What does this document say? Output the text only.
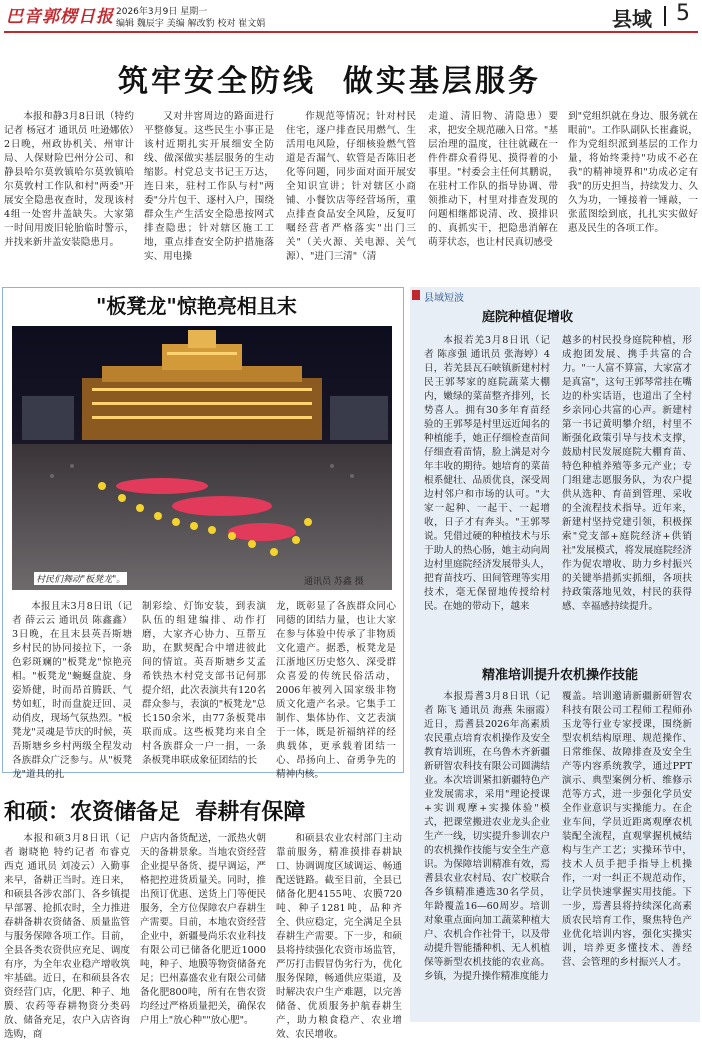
巴音郭楞日报 2026年3月9日 星期一
编辑 魏辰宇 美编 解改豹 校对 崔文娟	县域 5
筑牢安全防线  做实基层服务

本报和静3月8日讯（特约记者 杨冠才 通讯员 吐逊娜依）2日晚，州政协机关、州审计局、人保财险巴州分公司、和静县哈尔莫敦镇哈尔莫敦镇哈尔莫敦村工作队和村"两委"开展安全隐患夜查时，发现该村4组一处窖井盖缺失。大家第一时间用废旧轮胎临时警示，并找来新井盖安装隐患月。

又对井窖周边的路面进行平整修复。这些民生小事正是该村近期扎实开展细安全防线、做深做实基层服务的生动缩影。村党总支书记王万达，连日来，驻村工作队与村"两委"分片包干、逐村入户，围绕群众生产生活安全隐患按网式排查隐患；针对辖区施工工地，重点排查安全防护措施落实、用电操

作规范等情况；针对村民住宅，逐户排查民用燃气、生活用电风险，仔细核验燃气管道是否漏气、软管是否陈旧老化等问题，同步面对面开展安全知识宣讲；针对辖区小商铺、小餐饮店等经营场所，重点排查食品安全风险，反复叮嘱经营者严格落实"出门三关"（关火源、关电源、关气源）、"进门三清"（清

走道、清旧物、清隐患）要求，把安全规范融入日常。"基层治理的温度，往往就藏在一件件群众看得见、摸得着的小事里。"村委会主任何其鹏说，在驻村工作队的指导协调、带领推动下，村里对排查发现的问题相继都说清、改、摸排识的、真抓实干，把隐患消解在萌芽状态，也让村民真切感受

到"党组织就在身边、服务就在眼前"。工作队副队长崔鑫说，作为党组织派到基层的工作力量，将始终秉持"功成不必在我"的精神境界和"功成必定有我"的历史担当，持续发力、久久为功，一锤接着一锤敲，一张蓝图绘到底，扎扎实实做好惠及民生的各项工作。

"板凳龙"惊艳亮相且末
村民们舞动"板凳龙"。	通讯员 苏鑫 摄

本报且末3月8日讯（记者 薛云云 通讯员 陈鑫鑫）3日晚，在且末县英吾斯塘乡村民的协同接拉下，一条色彩斑斓的"板凳龙"惊艳亮相。"板凳龙"蜿蜒盘旋、身姿矫健，时而昂首腾跃、气势如虹，时而盘旋迂回、灵动俏皮，现场气氛热烈。"板凳龙"灵魂是节庆的时候，英吾斯塘乡乡村两级全程发动各族群众广泛参与。从"板凳龙"道具的扎

制彩绘、灯饰安装，到表演队伍的组建编排、动作打磨，大家齐心协力、互帮互助，在默契配合中增进彼此间的情谊。英吾斯塘乡艾孟希铁热木村党支部书记何那提介绍，此次表演共有120名群众参与，表演的"板凳龙"总长150余米，由77条板凳串联而成。这些板凳均来自全村各族群众一户一捐，一条条板凳串联成象征团结的长

龙，既彰显了各族群众同心同德的团结力量，也让大家在参与体验中传承了非物质文化遗产。据悉，板凳龙是江浙地区历史悠久、深受群众喜爱的传统民俗活动，2006年被列入国家级非物质文化遗产名录。它集手工制作、集体协作、文艺表演于一体，既是祈福纳祥的经典载体，更承载着团结一心、昂扬向上、奋勇争先的精神内核。

县域短波
庭院种植促增收

本报若羌3月8日讯（记者 陈彦强 通讯员 张海婷）4日，若羌县瓦石峡镇新建村村民王郭琴家的庭院蔬菜大棚内，嫩绿的菜苗整齐排列，长势喜人。拥有30多年育苗经验的王郭琴是村里远近闻名的种植能手，她正仔细检查苗间仔细查看苗情，脸上满是对今年丰收的期待。她培育的菜苗根系健壮、品质优良，深受周边村邻户和市场的认可。"大家一起种、一起干、一起增收，日子才有奔头。"王郭琴说。凭借过硬的种植技术与乐于助人的热心肠，她主动向周边村里庭院经济发展带头人，把育苗技巧、田间管理等实用技术，毫无保留地传授给村民。在她的带动下，越来

越多的村民投身庭院种植，形成抱团发展、携手共富的合力。"一人富不算富，大家富才是真富"，这句王郭琴常挂在嘴边的朴实话语，也道出了全村乡亲同心共富的心声。新建村第一书记黄明攀介绍，村里不断强化政策引导与技术支撑，鼓励村民发展庭院大棚育苗、特色种植养殖等多元产业；专门组建志愿服务队，为农户提供从选种、育苗到管理、采收的全流程技术指导。近年来，新建村坚持党建引领，积极探索"党支部+庭院经济+供销社"发展模式，将发展庭院经济作为促农增收、助力乡村振兴的关键举措抓实抓细，各项扶持政策落地见效，村民的获得感、幸福感持续提升。

精准培训提升农机操作技能

本报焉耆3月8日讯（记者 陈飞 通讯员 海燕 朱丽霞）近日，焉耆县2026年高素质农民重点培育农机操作及安全教育培训班，在乌鲁木齐新疆新研智农科技有限公司圆满结业。本次培训紧扣新疆特色产业发展需求，采用"理论授课+实训观摩+实操体验"模式，把课堂搬进农业龙头企业生产一线，切实提升参训农户的农机操作技能与安全生产意识。为保障培训精准有效，焉耆县农业农村局、农广校联合各乡镇精准遴选30名学员，年龄覆盖16—60周岁。培训对象重点面向加工蔬菜种植大户、农机合作社骨干，以及带动提升智能播种机、无人机植保等新型农机技能的农业高。乡镇，为提升操作精准度能力

覆盖。培训邀请新疆新研智农科技有限公司工程师工程师孙玉龙等行业专家授课，围绕新型农机结构原理、规范操作、日常维保、故障排查及安全生产等内容系统教学，通过PPT演示、典型案例分析、维修示范等方式，进一步强化学员安全作业意识与实操能力。在企业车间，学员近距离观摩农机装配全流程，直观掌握机械结构与生产工艺；实操环节中，技术人员手把手指导上机操作，一对一纠正不规范动作，让学员快速掌握实用技能。下一步，焉耆县将持续深化高素质农民培育工作，聚焦特色产业优化培训内容，强化实操实训，培养更多懂技术、善经营、会管理的乡村振兴人才。

和硕：农资储备足  春耕有保障

本报和硕3月8日讯（记者 谢晓艳 特约记者 布睿克 西克 通讯员 刘凌云）入勤事来早，备耕正当时。连日来，和硕县各涉农部门、各乡镇提早部署、抢抓农时，全力推进春耕备耕农资储备、质量监管与服务保障各项工作。目前，全县各类农资供应充足、调度有序，为全年农业稳产增收筑牢基础。近日，在和硕县各农资经营门店，化肥、种子、地膜、农药等春耕物资分类码放、储备充足，农户入店咨询选购，商

户店内备货配送，一派热火朝天的备耕景象。当地农资经营企业提早备货、提早调运，严格把控进货质量关。同时，推出预订优惠、送货上门等便民服务，全方位保障农户春耕生产需要。目前，本地农资经营企业中，新疆曼尚乐农业科技有限公司已储备化肥近1000吨，种子、地膜等物资储备充足；巴州嘉盛农业有限公司储备化肥800吨，所有在售农资均经过严格质量把关，确保农户用上"放心种""放心肥"。

和硕县农业农村部门主动靠前服务，精准摸排春耕缺口、协调调度区域调运、畅通配送链路。截至目前，全县已储备化肥4155吨、农膜720吨、种子1281吨，品种齐全、供应稳定，完全满足全县春耕生产需要。下一步，和硕县将持续强化农资市场监管，严厉打击假冒伪劣行为，优化服务保障，畅通供应渠道，及时解决农户生产难题，以完善储备、优质服务护航春耕生产，助力粮食稳产、农业增效、农民增收。
